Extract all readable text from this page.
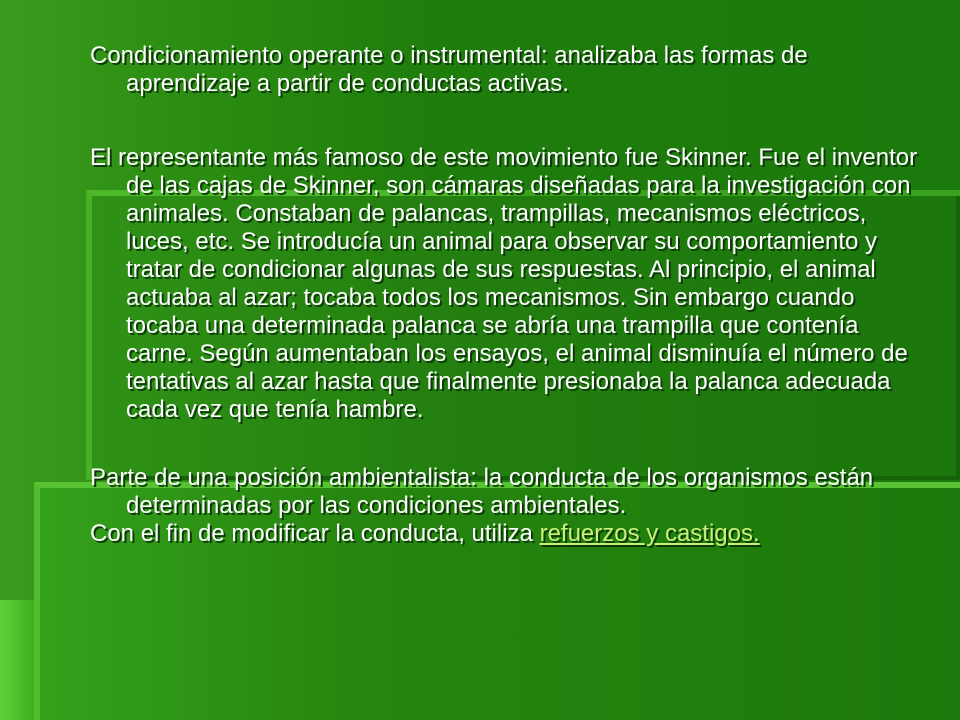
Condicionamiento operante o instrumental: analizaba las formas de aprendizaje a partir de conductas activas.

El representante más famoso de este movimiento fue Skinner. Fue el inventor de las cajas de Skinner, son cámaras diseñadas para la investigación con animales. Constaban de palancas, trampillas, mecanismos eléctricos, luces, etc. Se introducía un animal para observar su comportamiento y tratar de condicionar algunas de sus respuestas. Al principio, el animal actuaba al azar; tocaba todos los mecanismos. Sin embargo cuando tocaba una determinada palanca se abría una trampilla que contenía carne. Según aumentaban los ensayos, el animal disminuía el número de tentativas al azar hasta que finalmente presionaba la palanca adecuada cada vez que tenía hambre.

Parte de una posición ambientalista: la conducta de los organismos están determinadas por las condiciones ambientales.

Con el fin de modificar la conducta, utiliza refuerzos y castigos.
